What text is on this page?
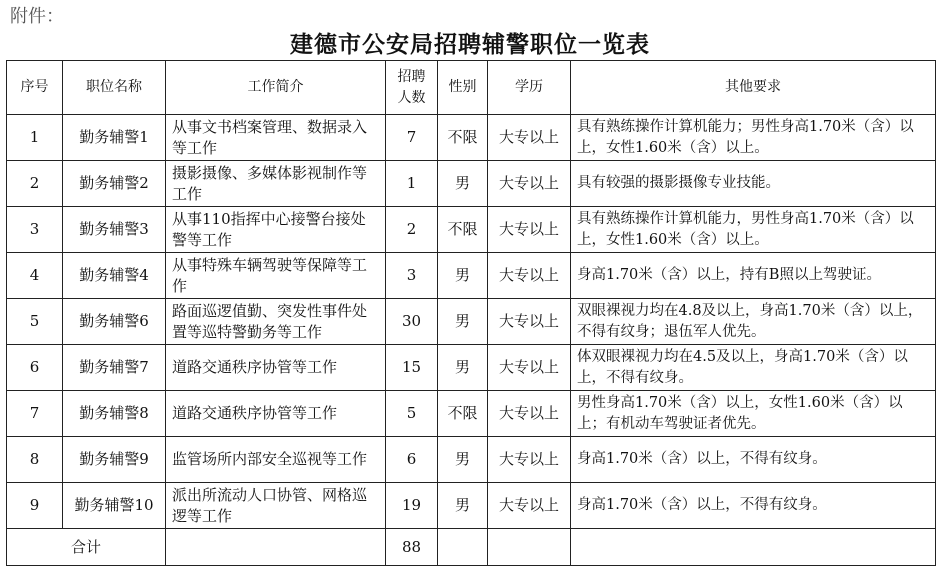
附件：
建德市公安局招聘辅警职位一览表
序号	职位名称	工作简介	招聘人数	性别	学历	其他要求
1	勤务辅警1	从事文书档案管理、数据录入等工作	7	不限	大专以上	具有熟练操作计算机能力；男性身高1.70米（含）以上，女性1.60米（含）以上。
2	勤务辅警2	摄影摄像、多媒体影视制作等工作	1	男	大专以上	具有较强的摄影摄像专业技能。
3	勤务辅警3	从事110指挥中心接警台接处警等工作	2	不限	大专以上	具有熟练操作计算机能力，男性身高1.70米（含）以上，女性1.60米（含）以上。
4	勤务辅警4	从事特殊车辆驾驶等保障等工作	3	男	大专以上	身高1.70米（含）以上，持有B照以上驾驶证。
5	勤务辅警6	路面巡逻值勤、突发性事件处置等巡特警勤务等工作	30	男	大专以上	双眼裸视力均在4.8及以上，身高1.70米（含）以上，不得有纹身；退伍军人优先。
6	勤务辅警7	道路交通秩序协管等工作	15	男	大专以上	体双眼裸视力均在4.5及以上，身高1.70米（含）以上，不得有纹身。
7	勤务辅警8	道路交通秩序协管等工作	5	不限	大专以上	男性身高1.70米（含）以上，女性1.60米（含）以上；有机动车驾驶证者优先。
8	勤务辅警9	监管场所内部安全巡视等工作	6	男	大专以上	身高1.70米（含）以上，不得有纹身。
9	勤务辅警10	派出所流动人口协管、网格巡逻等工作	19	男	大专以上	身高1.70米（含）以上，不得有纹身。
合计			88			
